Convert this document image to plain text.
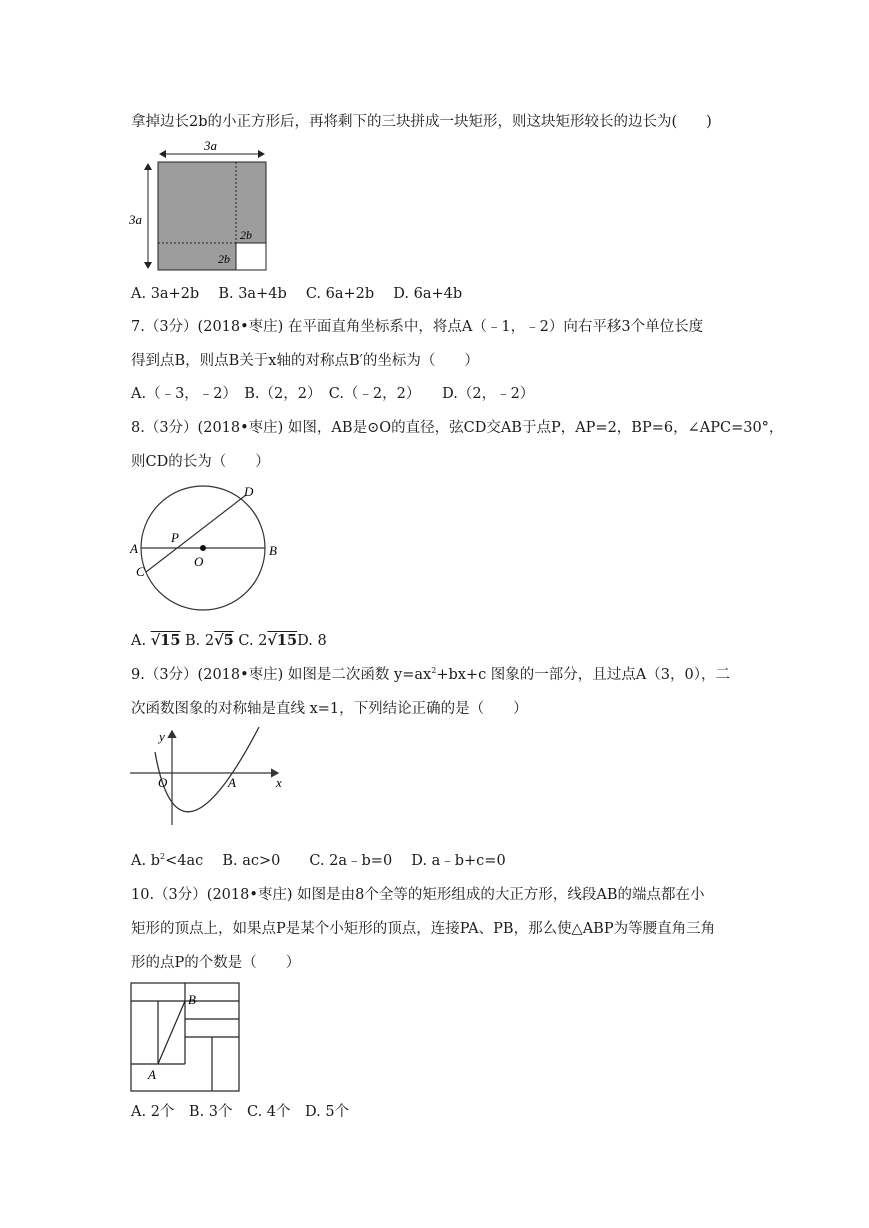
拿掉边长2b的小正方形后，再将剩下的三块拼成一块矩形，则这块矩形较长的边长为(　　)
3a
3a
2b
2b
A. 3a+2b　 B. 3a+4b　 C. 6a+2b　 D. 6a+4b
7.（3分）(2018•枣庄) 在平面直角坐标系中，将点A（﹣1，﹣2）向右平移3个单位长度
得到点B，则点B关于x轴的对称点B′的坐标为（　　）
A.（﹣3，﹣2）　B.（2，2）　C.（﹣2，2）　　D.（2，﹣2）
8.（3分）(2018•枣庄) 如图，AB是⊙O的直径，弦CD交AB于点P，AP=2，BP=6，∠APC=30°，
则CD的长为（　　）
A	B
C
D
P
O
A. √15 B. 2√5 C. 2√15D. 8
9.（3分）(2018•枣庄) 如图是二次函数 $y=ax^2+bx+c$ 图象的一部分，且过点A（3，0），二
次函数图象的对称轴是直线 x=1，下列结论正确的是（　　）
y
x
O	A
A. $b^2<4ac$　 B. ac>0　　C. 2a﹣b=0　 D. a﹣b+c=0
10.（3分）(2018•枣庄) 如图是由8个全等的矩形组成的大正方形，线段AB的端点都在小
矩形的顶点上，如果点P是某个小矩形的顶点，连接PA、PB，那么使△ABP为等腰直角三角
形的点P的个数是（　　）
B
A
A. 2个　B. 3个　C. 4个　D. 5个
